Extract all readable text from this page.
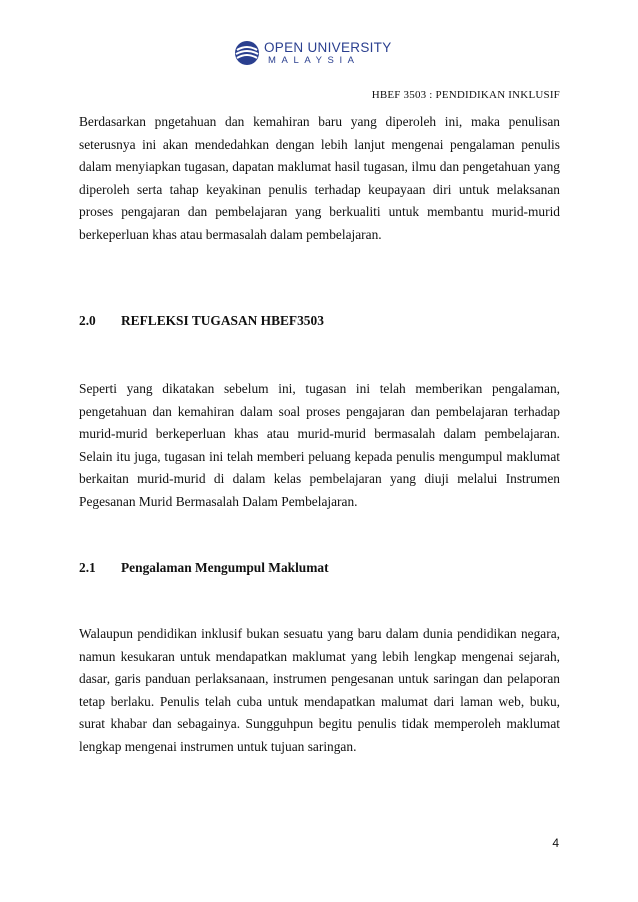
OPEN UNIVERSITY
MALAYSIA
HBEF 3503 : PENDIDIKAN INKLUSIF

Berdasarkan pngetahuan dan kemahiran baru yang diperoleh ini, maka penulisan seterusnya ini akan mendedahkan dengan lebih lanjut mengenai pengalaman penulis dalam menyiapkan tugasan, dapatan maklumat hasil tugasan, ilmu dan pengetahuan yang diperoleh serta tahap keyakinan penulis terhadap keupayaan diri untuk melaksanan proses pengajaran dan pembelajaran yang berkualiti untuk membantu murid-murid berkeperluan khas atau bermasalah dalam pembelajaran.

2.0 REFLEKSI TUGASAN HBEF3503

Seperti yang dikatakan sebelum ini, tugasan ini telah memberikan pengalaman, pengetahuan dan kemahiran dalam soal proses pengajaran dan pembelajaran terhadap murid-murid berkeperluan khas atau murid-murid bermasalah dalam pembelajaran. Selain itu juga, tugasan ini telah memberi peluang kepada penulis mengumpul maklumat berkaitan murid-murid di dalam kelas pembelajaran yang diuji melalui Instrumen Pegesanan Murid Bermasalah Dalam Pembelajaran.

2.1 Pengalaman Mengumpul Maklumat

Walaupun pendidikan inklusif bukan sesuatu yang baru dalam dunia pendidikan negara, namun kesukaran untuk mendapatkan maklumat yang lebih lengkap mengenai sejarah, dasar, garis panduan perlaksanaan, instrumen pengesanan untuk saringan dan pelaporan tetap berlaku. Penulis telah cuba untuk mendapatkan malumat dari laman web, buku, surat khabar dan sebagainya. Sungguhpun begitu penulis tidak memperoleh maklumat lengkap mengenai instrumen untuk tujuan saringan.

4
